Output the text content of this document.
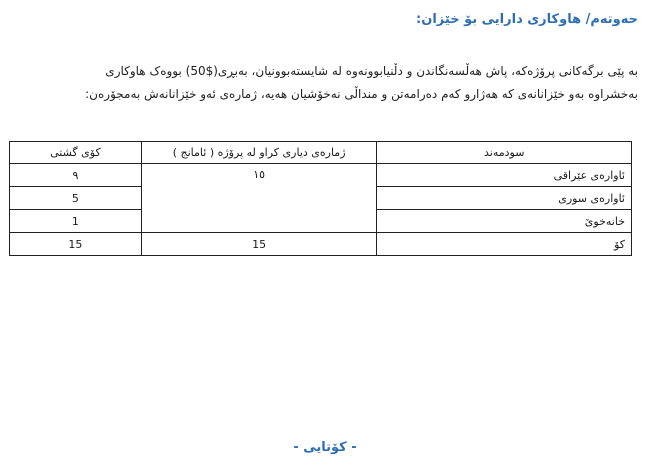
حەوتەم/ هاوکاری دارایی بۆ خێزان:

بە پێی برگەکانی پرۆژەکە، پاش هەڵسەنگاندن و دڵنیابوونەوە لە شایستەبوونیان، بەبڕی($50) بووەک هاوکاری

بەخشراوە بەو خێزانانەی کە هەژارو کەم دەرامەتن و منداڵی نەخۆشیان هەیە، ژمارەی ئەو خێزانانەش بەمجۆرەن:

سودمەند	ژمارەی دیاری کراو لە پرۆژە ( ئامانج )	کۆی گشتی
ئاوارەی عێراقی	١٥	٩
ئاوارەی سوری		5
خانەخوێ		1
کۆ	15	15
- کۆتایی -
